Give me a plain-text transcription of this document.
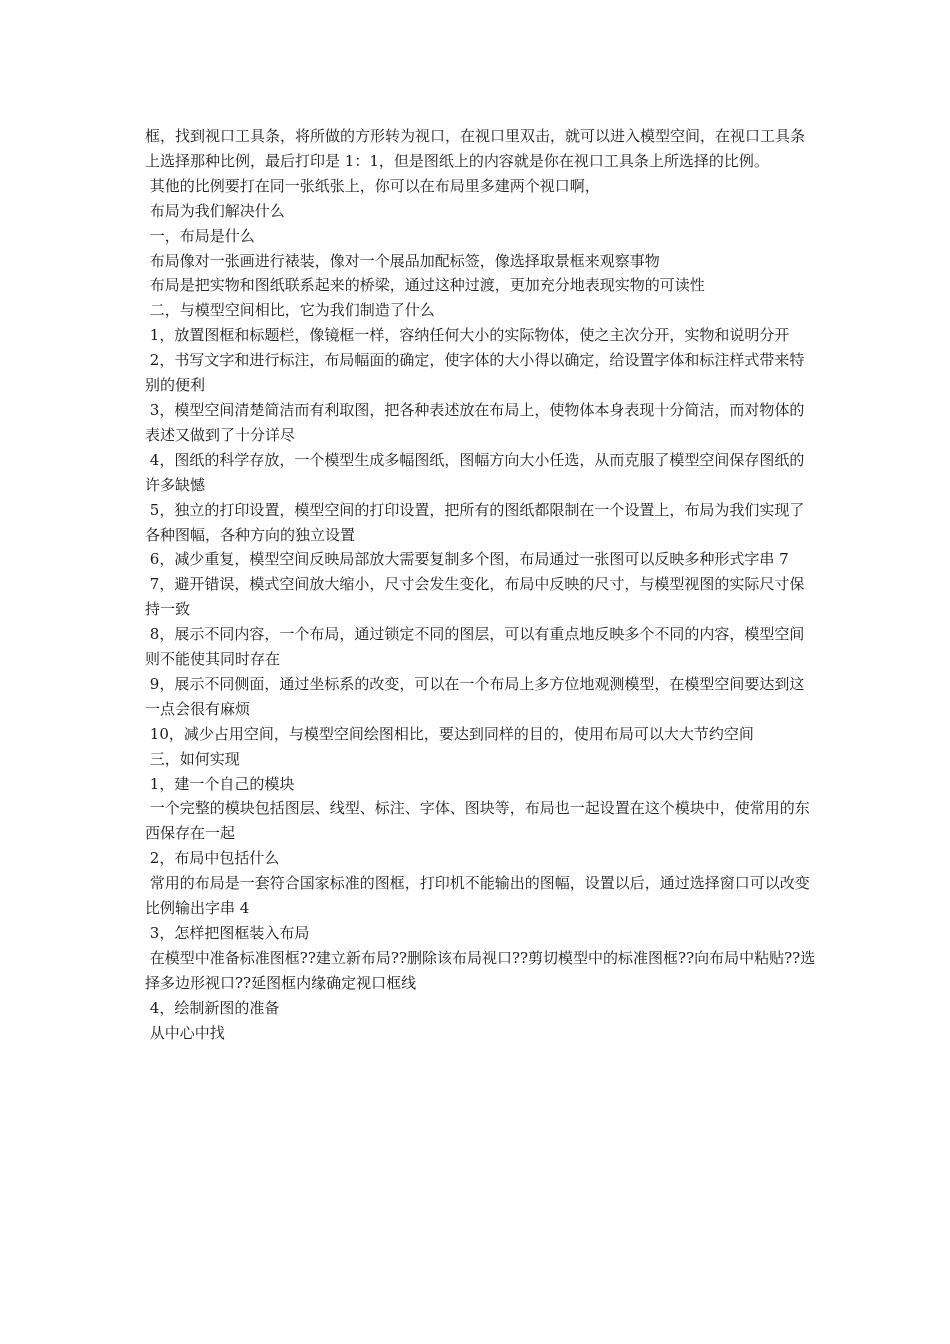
框，找到视口工具条，将所做的方形转为视口，在视口里双击，就可以进入模型空间，在视口工具条上选择那种比例，最后打印是 1：1，但是图纸上的内容就是你在视口工具条上所选择的比例。

其他的比例要打在同一张纸张上，你可以在布局里多建两个视口啊，

布局为我们解决什么

一，布局是什么

布局像对一张画进行裱装，像对一个展品加配标签，像选择取景框来观察事物

布局是把实物和图纸联系起来的桥梁，通过这种过渡，更加充分地表现实物的可读性

二，与模型空间相比，它为我们制造了什么

1，放置图框和标题栏，像镜框一样，容纳任何大小的实际物体，使之主次分开，实物和说明分开

2，书写文字和进行标注，布局幅面的确定，使字体的大小得以确定，给设置字体和标注样式带来特别的便利

3，模型空间清楚简洁而有利取图，把各种表述放在布局上，使物体本身表现十分简洁，而对物体的表述又做到了十分详尽

4，图纸的科学存放，一个模型生成多幅图纸，图幅方向大小任选，从而克服了模型空间保存图纸的许多缺憾

5，独立的打印设置，模型空间的打印设置，把所有的图纸都限制在一个设置上，布局为我们实现了各种图幅，各种方向的独立设置

6，减少重复，模型空间反映局部放大需要复制多个图，布局通过一张图可以反映多种形式字串 7

7，避开错误，模式空间放大缩小，尺寸会发生变化，布局中反映的尺寸，与模型视图的实际尺寸保持一致

8，展示不同内容，一个布局，通过锁定不同的图层，可以有重点地反映多个不同的内容，模型空间则不能使其同时存在

9，展示不同侧面，通过坐标系的改变，可以在一个布局上多方位地观测模型，在模型空间要达到这一点会很有麻烦

10，减少占用空间，与模型空间绘图相比，要达到同样的目的，使用布局可以大大节约空间

三，如何实现

1，建一个自己的模块

一个完整的模块包括图层、线型、标注、字体、图块等，布局也一起设置在这个模块中，使常用的东西保存在一起

2，布局中包括什么

常用的布局是一套符合国家标准的图框，打印机不能输出的图幅，设置以后，通过选择窗口可以改变比例输出字串 4

3，怎样把图框装入布局

在模型中准备标准图框??建立新布局??删除该布局视口??剪切模型中的标准图框??向布局中粘贴??选择多边形视口??延图框内缘确定视口框线

4，绘制新图的准备

从中心中找
